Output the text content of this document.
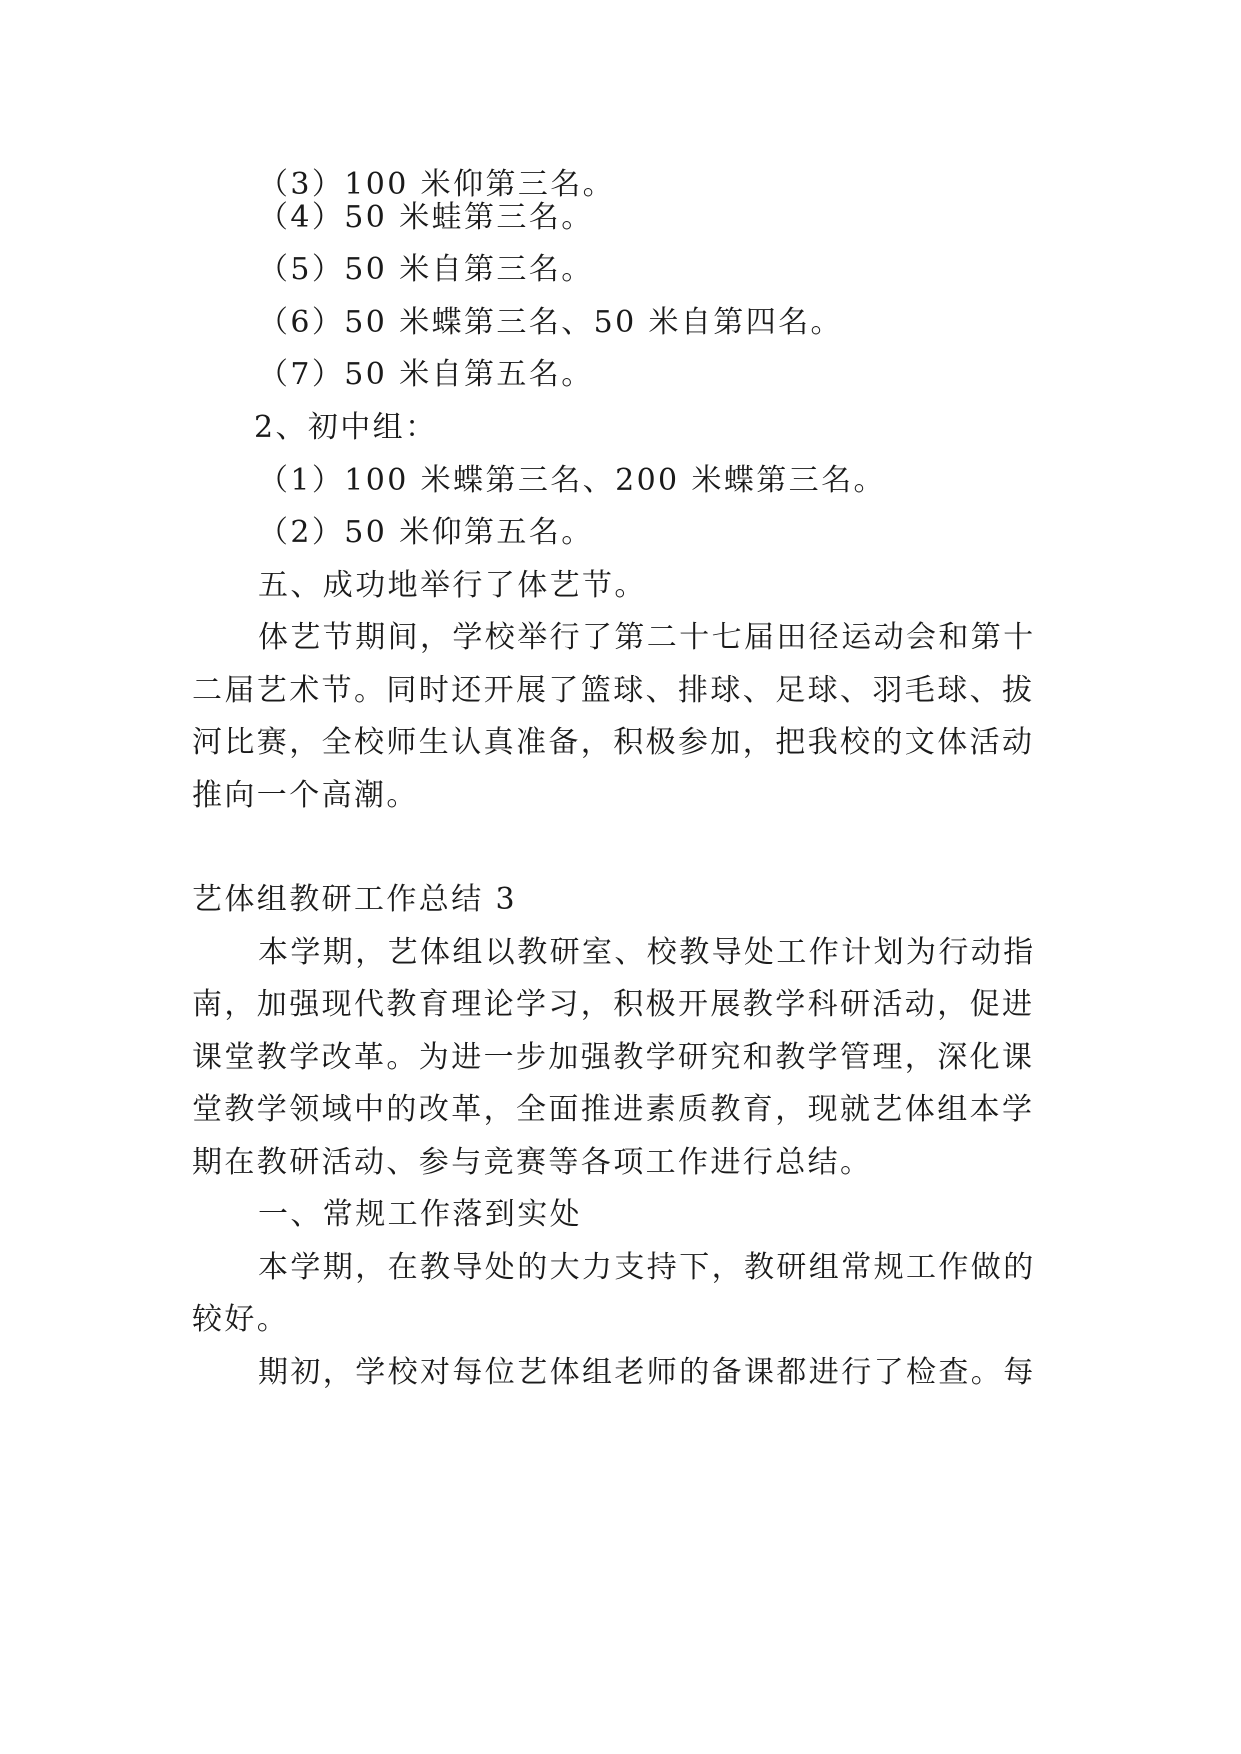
（3）100 米仰第三名。
（4）50 米蛙第三名。
（5）50 米自第三名。
（6）50 米蝶第三名、50 米自第四名。
（7）50 米自第五名。
2、初中组：
（1）100 米蝶第三名、200 米蝶第三名。
（2）50 米仰第五名。
五、成功地举行了体艺节。
体艺节期间，学校举行了第二十七届田径运动会和第十
二届艺术节。同时还开展了篮球、排球、足球、羽毛球、拔
河比赛，全校师生认真准备，积极参加，把我校的文体活动
推向一个高潮。
艺体组教研工作总结 3
本学期，艺体组以教研室、校教导处工作计划为行动指
南，加强现代教育理论学习，积极开展教学科研活动，促进
课堂教学改革。为进一步加强教学研究和教学管理，深化课
堂教学领域中的改革，全面推进素质教育，现就艺体组本学
期在教研活动、参与竞赛等各项工作进行总结。
一、常规工作落到实处
本学期，在教导处的大力支持下，教研组常规工作做的
较好。
期初，学校对每位艺体组老师的备课都进行了检查。每
